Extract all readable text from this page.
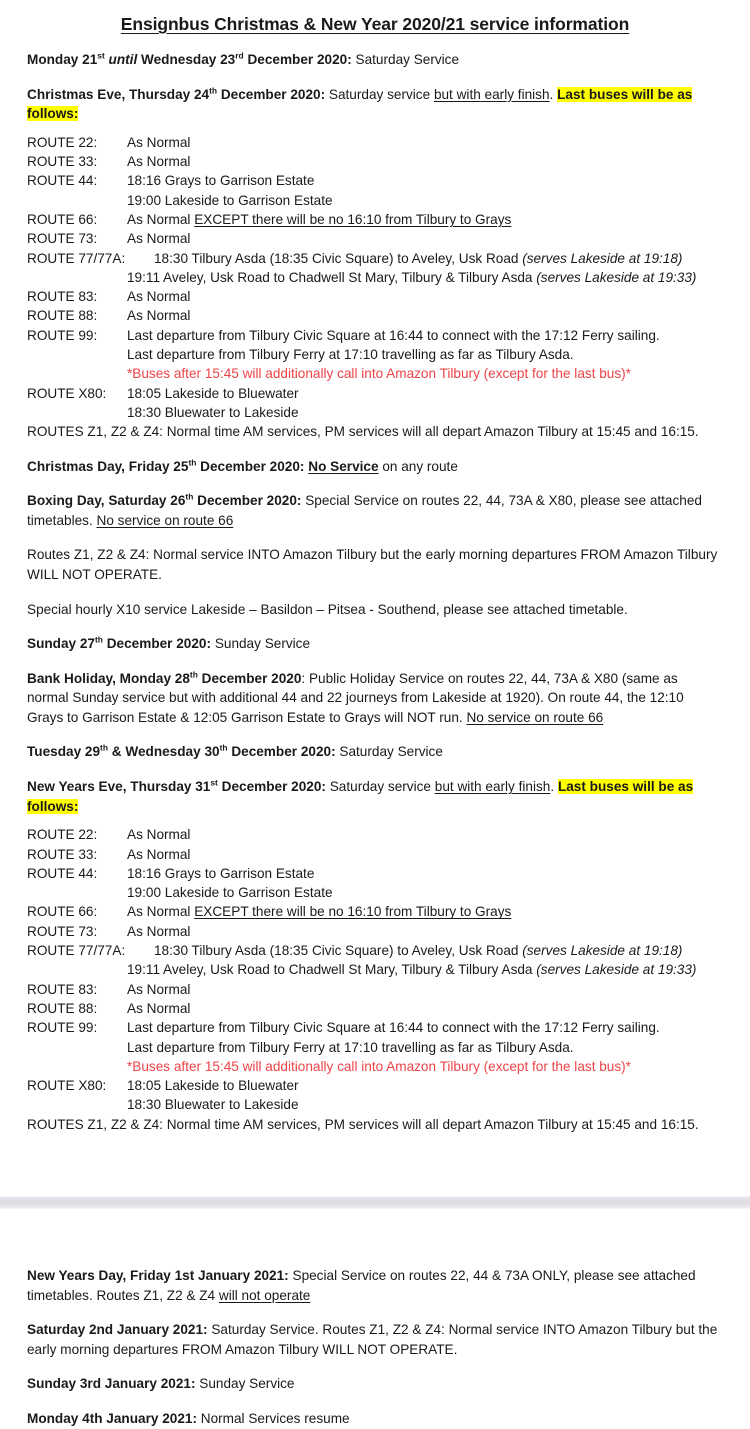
Ensignbus Christmas & New Year 2020/21 service information

Monday 21st until Wednesday 23rd December 2020: Saturday Service

Christmas Eve, Thursday 24th December 2020: Saturday service but with early finish. Last buses will be as follows:

ROUTE 22:	As Normal
ROUTE 33:	As Normal
ROUTE 44:	18:16 Grays to Garrison Estate
19:00 Lakeside to Garrison Estate
ROUTE 66:	As Normal EXCEPT there will be no 16:10 from Tilbury to Grays
ROUTE 73:	As Normal
ROUTE 77/77A:	18:30 Tilbury Asda (18:35 Civic Square) to Aveley, Usk Road (serves Lakeside at 19:18)
19:11 Aveley, Usk Road to Chadwell St Mary, Tilbury & Tilbury Asda (serves Lakeside at 19:33)
ROUTE 83:	As Normal
ROUTE 88:	As Normal
ROUTE 99:	Last departure from Tilbury Civic Square at 16:44 to connect with the 17:12 Ferry sailing.
Last departure from Tilbury Ferry at 17:10 travelling as far as Tilbury Asda.
*Buses after 15:45 will additionally call into Amazon Tilbury (except for the last bus)*
ROUTE X80:	18:05 Lakeside to Bluewater
18:30 Bluewater to Lakeside
ROUTES Z1, Z2 & Z4: Normal time AM services, PM services will all depart Amazon Tilbury at 15:45 and 16:15.

Christmas Day, Friday 25th December 2020: No Service on any route

Boxing Day, Saturday 26th December 2020: Special Service on routes 22, 44, 73A & X80, please see attached timetables. No service on route 66

Routes Z1, Z2 & Z4: Normal service INTO Amazon Tilbury but the early morning departures FROM Amazon Tilbury WILL NOT OPERATE.

Special hourly X10 service Lakeside – Basildon – Pitsea - Southend, please see attached timetable.

Sunday 27th December 2020: Sunday Service

Bank Holiday, Monday 28th December 2020: Public Holiday Service on routes 22, 44, 73A & X80 (same as normal Sunday service but with additional 44 and 22 journeys from Lakeside at 1920). On route 44, the 12:10 Grays to Garrison Estate & 12:05 Garrison Estate to Grays will NOT run. No service on route 66

Tuesday 29th & Wednesday 30th December 2020: Saturday Service

New Years Eve, Thursday 31st December 2020: Saturday service but with early finish. Last buses will be as follows:

ROUTE 22:	As Normal
ROUTE 33:	As Normal
ROUTE 44:	18:16 Grays to Garrison Estate
19:00 Lakeside to Garrison Estate
ROUTE 66:	As Normal EXCEPT there will be no 16:10 from Tilbury to Grays
ROUTE 73:	As Normal
ROUTE 77/77A:	18:30 Tilbury Asda (18:35 Civic Square) to Aveley, Usk Road (serves Lakeside at 19:18)
19:11 Aveley, Usk Road to Chadwell St Mary, Tilbury & Tilbury Asda (serves Lakeside at 19:33)
ROUTE 83:	As Normal
ROUTE 88:	As Normal
ROUTE 99:	Last departure from Tilbury Civic Square at 16:44 to connect with the 17:12 Ferry sailing.
Last departure from Tilbury Ferry at 17:10 travelling as far as Tilbury Asda.
*Buses after 15:45 will additionally call into Amazon Tilbury (except for the last bus)*
ROUTE X80:	18:05 Lakeside to Bluewater
18:30 Bluewater to Lakeside
ROUTES Z1, Z2 & Z4: Normal time AM services, PM services will all depart Amazon Tilbury at 15:45 and 16:15.

New Years Day, Friday 1st January 2021: Special Service on routes 22, 44 & 73A ONLY, please see attached timetables. Routes Z1, Z2 & Z4 will not operate

Saturday 2nd January 2021: Saturday Service. Routes Z1, Z2 & Z4: Normal service INTO Amazon Tilbury but the early morning departures FROM Amazon Tilbury WILL NOT OPERATE.

Sunday 3rd January 2021: Sunday Service

Monday 4th January 2021: Normal Services resume
